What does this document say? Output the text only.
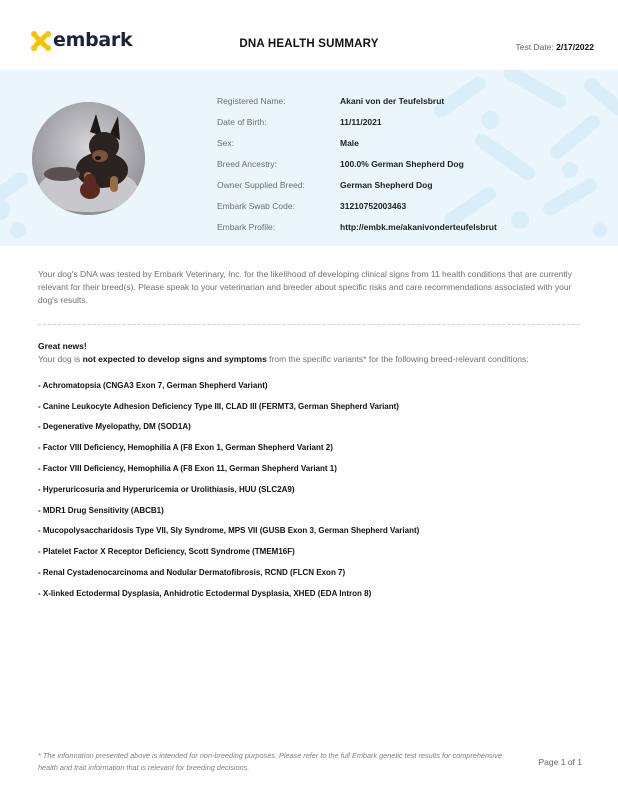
embark	DNA HEALTH SUMMARY	Test Date: 2/17/2022
Registered Name:	Akani von der Teufelsbrut
Date of Birth:	11/11/2021
Sex:	Male
Breed Ancestry:	100.0% German Shepherd Dog
Owner Supplied Breed:	German Shepherd Dog
Embark Swab Code:	31210752003463
Embark Profile:	http://embk.me/akanivonderteufelsbrut
Your dog's DNA was tested by Embark Veterinary, Inc. for the likelihood of developing clinical signs from 11 health conditions that are currently relevant for their breed(s). Please speak to your veterinarian and breeder about specific risks and care recommendations associated with your dog's results.
Great news!
Your dog is not expected to develop signs and symptoms from the specific variants* for the following breed-relevant conditions:
- Achromatopsia (CNGA3 Exon 7, German Shepherd Variant)
- Canine Leukocyte Adhesion Deficiency Type III, CLAD III (FERMT3, German Shepherd Variant)
- Degenerative Myelopathy, DM (SOD1A)
- Factor VIII Deficiency, Hemophilia A (F8 Exon 1, German Shepherd Variant 2)
- Factor VIII Deficiency, Hemophilia A (F8 Exon 11, German Shepherd Variant 1)
- Hyperuricosuria and Hyperuricemia or Urolithiasis, HUU (SLC2A9)
- MDR1 Drug Sensitivity (ABCB1)
- Mucopolysaccharidosis Type VII, Sly Syndrome, MPS VII (GUSB Exon 3, German Shepherd Variant)
- Platelet Factor X Receptor Deficiency, Scott Syndrome (TMEM16F)
- Renal Cystadenocarcinoma and Nodular Dermatofibrosis, RCND (FLCN Exon 7)
- X-linked Ectodermal Dysplasia, Anhidrotic Ectodermal Dysplasia, XHED (EDA Intron 8)
* The information presented above is intended for non-breeding purposes. Please refer to the full Embark genetic test results for comprehensive health and trait information that is relevant for breeding decisions.
Page 1 of 1
